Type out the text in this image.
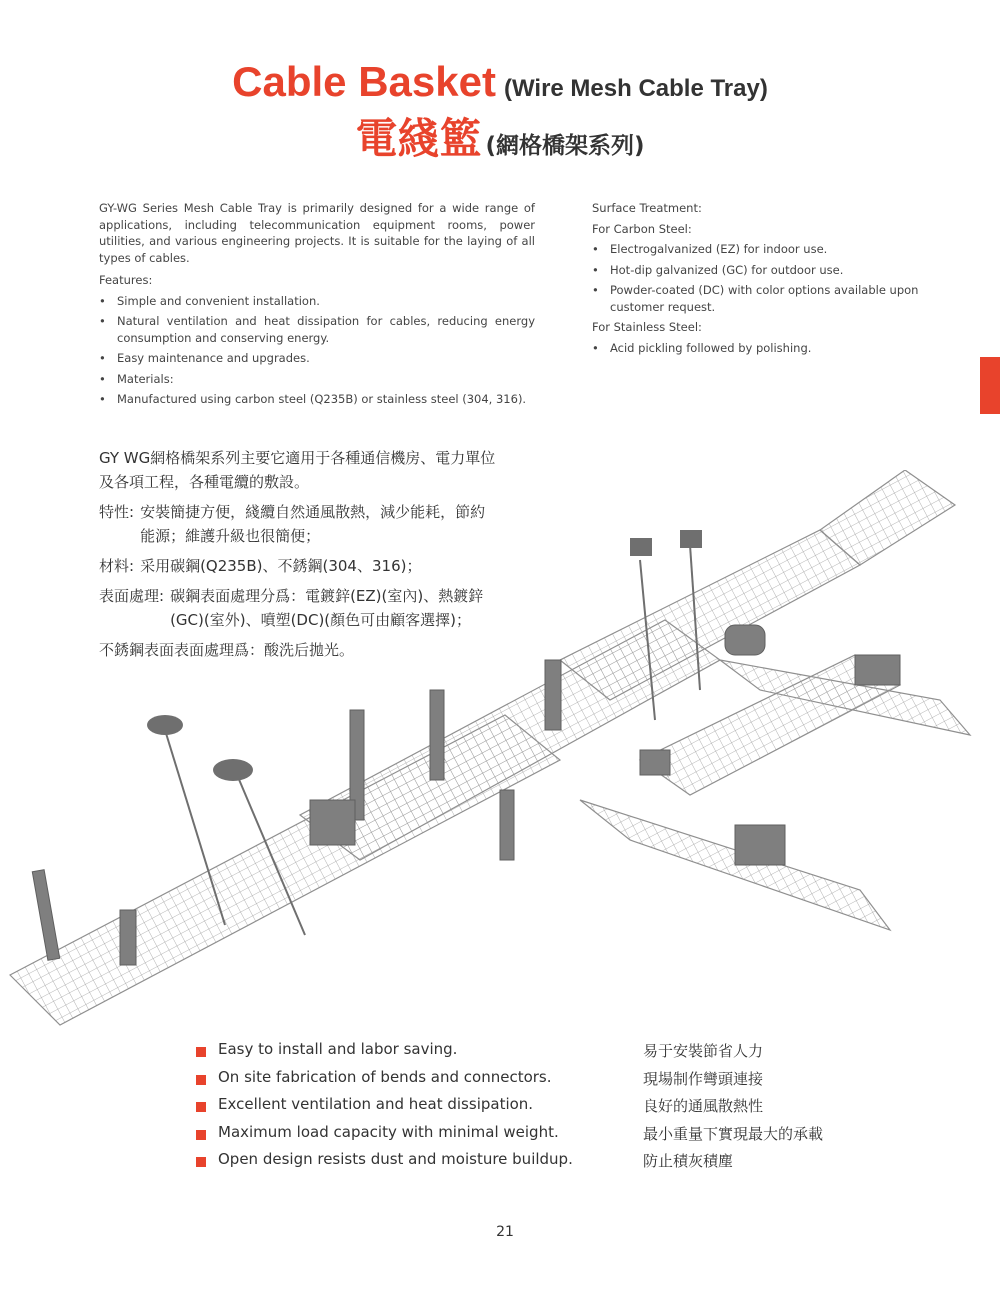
Cable Basket (Wire Mesh Cable Tray)
電綫籃 (網格橋架系列)

GY-WG Series Mesh Cable Tray is primarily designed for a wide range of applications, including telecommunication equipment rooms, power utilities, and various engineering projects. It is suitable for the laying of all types of cables.

Features:

• Simple and convenient installation.
• Natural ventilation and heat dissipation for cables, reducing energy consumption and conserving energy.
• Easy maintenance and upgrades.
• Materials:
• Manufactured using carbon steel (Q235B) or stainless steel (304, 316).

Surface Treatment:

For Carbon Steel:

• Electrogalvanized (EZ) for indoor use.
• Hot-dip galvanized (GC) for outdoor use.
• Powder-coated (DC) with color options available upon customer request.

For Stainless Steel:

• Acid pickling followed by polishing.

GY WG網格橋架系列主要它適用于各種通信機房、電力單位及各項工程，各種電纜的敷設。

特性: 安裝簡捷方便，綫纜自然通風散熱，減少能耗，節約能源；維護升級也很簡便；
材料: 采用碳鋼(Q235B)、不銹鋼(304、316)；
表面處理: 碳鋼表面處理分爲：電鍍鋅(EZ)(室內)、熱鍍鋅(GC)(室外)、噴塑(DC)(顏色可由顧客選擇)；

不銹鋼表面表面處理爲：酸洗后拋光。

Easy to install and labor saving.	易于安裝節省人力
On site fabrication of bends and connectors.	現場制作彎頭連接
Excellent ventilation and heat dissipation.	良好的通風散熱性
Maximum load capacity with minimal weight.	最小重量下實現最大的承載
Open design resists dust and moisture buildup.	防止積灰積塵
21
